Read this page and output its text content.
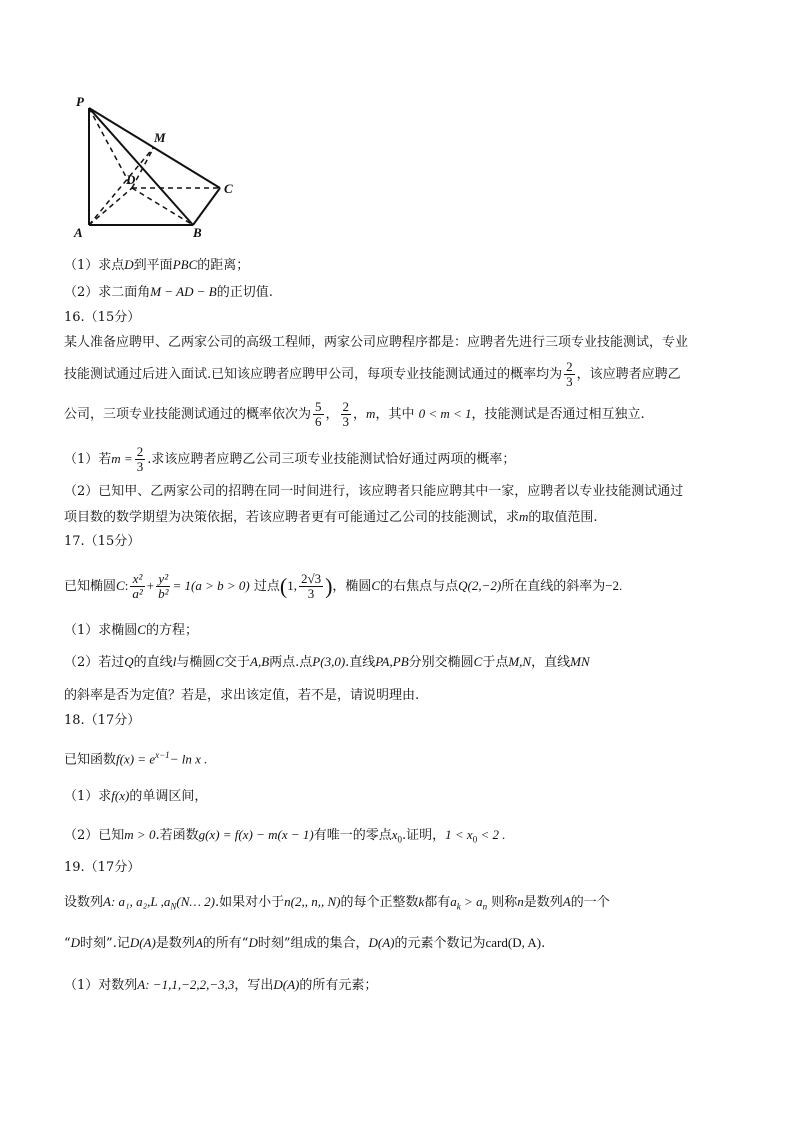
P
M
D
C
A	B
（1）求点D到平面PBC的距离；
（2）求二面角M − AD − B的正切值.
16.（15分）
某人准备应聘甲、乙两家公司的高级工程师，两家公司应聘程序都是：应聘者先进行三项专业技能测试，专业
技能测试通过后进入面试.已知该应聘者应聘甲公司，每项专业技能测试通过的概率均为 $\frac{2}{3}$ ，该应聘者应聘乙
公司，三项专业技能测试通过的概率依次为 $\frac{5}{6}$ ， $\frac{2}{3}$ ，m，其中 0 < m < 1，技能测试是否通过相互独立.
（1）若$m = \frac{2}{3}$ .求该应聘者应聘乙公司三项专业技能测试恰好通过两项的概率；
（2）已知甲、乙两家公司的招聘在同一时间进行，该应聘者只能应聘其中一家，应聘者以专业技能测试通过
项目数的数学期望为决策依据，若该应聘者更有可能通过乙公司的技能测试，求m的取值范围.
17.（15分）
已知椭圆C: $\frac{\text{x²}}{\text{a²}} + \frac{\text{y²}}{\text{b²}} = 1(a > b > 0)$ 过点(1, $\frac{2√3}{3}$ )，椭圆C的右焦点与点Q(2,−2)所在直线的斜率为−2.
（1）求椭圆C的方程；
（2）若过Q的直线l与椭圆C交于A,B两点.点P(3,0).直线PA,PB分别交椭圆C于点M,N，直线MN
的斜率是否为定值？若是，求出该定值，若不是，请说明理由.
18.（17分）
已知函数$f(x) = e^{x-1}- \ln x$ .
（1）求f(x)的单调区间，
（2）已知m > 0.若函数g(x) = f(x) − m(x − 1)有唯一的零点$x_0$.证明，$1 < x_0 < 2$ .
19.（17分）
设数列A: a₁, a₂,L $,a_N(N\dots$ 2).如果对小于n(2,, n,, N)的每个正整数k都有$a_k > a_n$ 则称n是数列A的一个
“D时刻”.记D(A)是数列A的所有“D时刻”组成的集合，D(A)的元素个数记为card(D, A).
（1）对数列A: −1,1,−2,2,−3,3，写出D(A)的所有元素；
